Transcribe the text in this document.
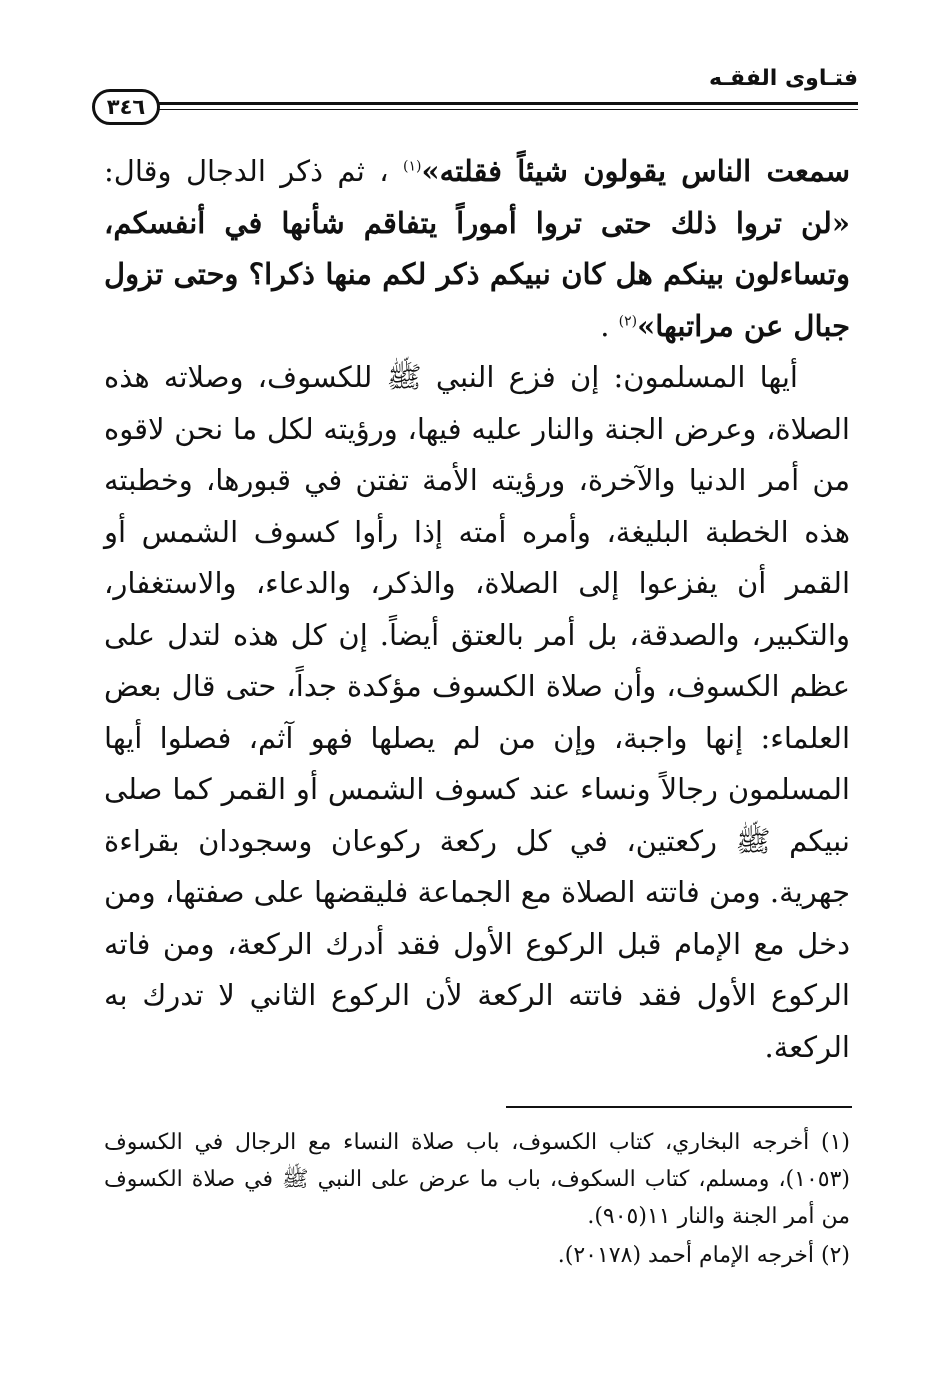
فتـاوى الفقـه
٣٤٦

سمعت الناس يقولون شيئاً فقلته»$^{(١)}$ ، ثم ذكر الدجال وقال: «لن تروا ذلك حتى تروا أموراً يتفاقم شأنها في أنفسكم، وتساءلون بينكم هل كان نبيكم ذكر لكم منها ذكرا؟ وحتى تزول جبال عن مراتبها»$^{(٢)}$ .

أيها المسلمون: إن فزع النبي ﷺ للكسوف، وصلاته هذه الصلاة، وعرض الجنة والنار عليه فيها، ورؤيته لكل ما نحن لاقوه من أمر الدنيا والآخرة، ورؤيته الأمة تفتن في قبورها، وخطبته هذه الخطبة البليغة، وأمره أمته إذا رأوا كسوف الشمس أو القمر أن يفزعوا إلى الصلاة، والذكر، والدعاء، والاستغفار، والتكبير، والصدقة، بل أمر بالعتق أيضاً. إن كل هذه لتدل على عظم الكسوف، وأن صلاة الكسوف مؤكدة جداً، حتى قال بعض العلماء: إنها واجبة، وإن من لم يصلها فهو آثم، فصلوا أيها المسلمون رجالاً ونساء عند كسوف الشمس أو القمر كما صلى نبيكم ﷺ ركعتين، في كل ركعة ركوعان وسجودان بقراءة جهرية. ومن فاتته الصلاة مع الجماعة فليقضها على صفتها، ومن دخل مع الإمام قبل الركوع الأول فقد أدرك الركعة، ومن فاته الركوع الأول فقد فاتته الركعة لأن الركوع الثاني لا تدرك به الركعة.

(١) أخرجه البخاري، كتاب الكسوف، باب صلاة النساء مع الرجال في الكسوف (١٠٥٣)، ومسلم، كتاب السكوف، باب ما عرض على النبي ﷺ في صلاة الكسوف من أمر الجنة والنار ١١(٩٠٥).

(٢) أخرجه الإمام أحمد (٢٠١٧٨).
